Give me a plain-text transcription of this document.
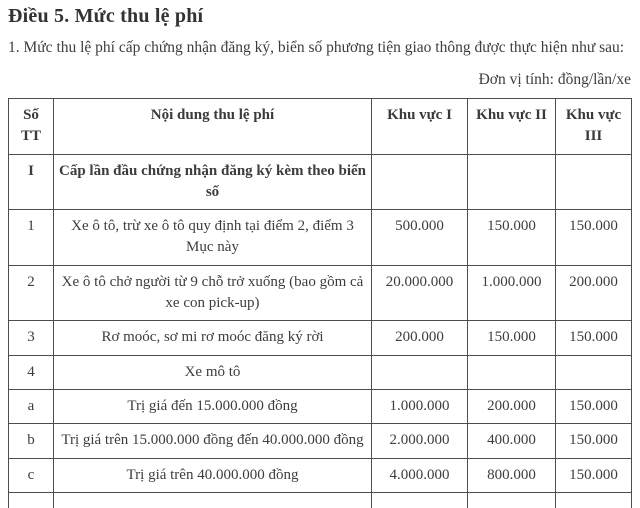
Điều 5. Mức thu lệ phí

1. Mức thu lệ phí cấp chứng nhận đăng ký, biển số phương tiện giao thông được thực hiện như sau:

Đơn vị tính: đồng/lần/xe

Số TT	Nội dung thu lệ phí	Khu vực I	Khu vực II	Khu vực III
I	Cấp lần đầu chứng nhận đăng ký kèm theo biển số			
1	Xe ô tô, trừ xe ô tô quy định tại điểm 2, điểm 3 Mục này	500.000	150.000	150.000
2	Xe ô tô chở người từ 9 chỗ trở xuống (bao gồm cả xe con pick-up)	20.000.000	1.000.000	200.000
3	Rơ moóc, sơ mi rơ moóc đăng ký rời	200.000	150.000	150.000
4	Xe mô tô			
a	Trị giá đến 15.000.000 đồng	1.000.000	200.000	150.000
b	Trị giá trên 15.000.000 đồng đến 40.000.000 đồng	2.000.000	400.000	150.000
c	Trị giá trên 40.000.000 đồng	4.000.000	800.000	150.000
